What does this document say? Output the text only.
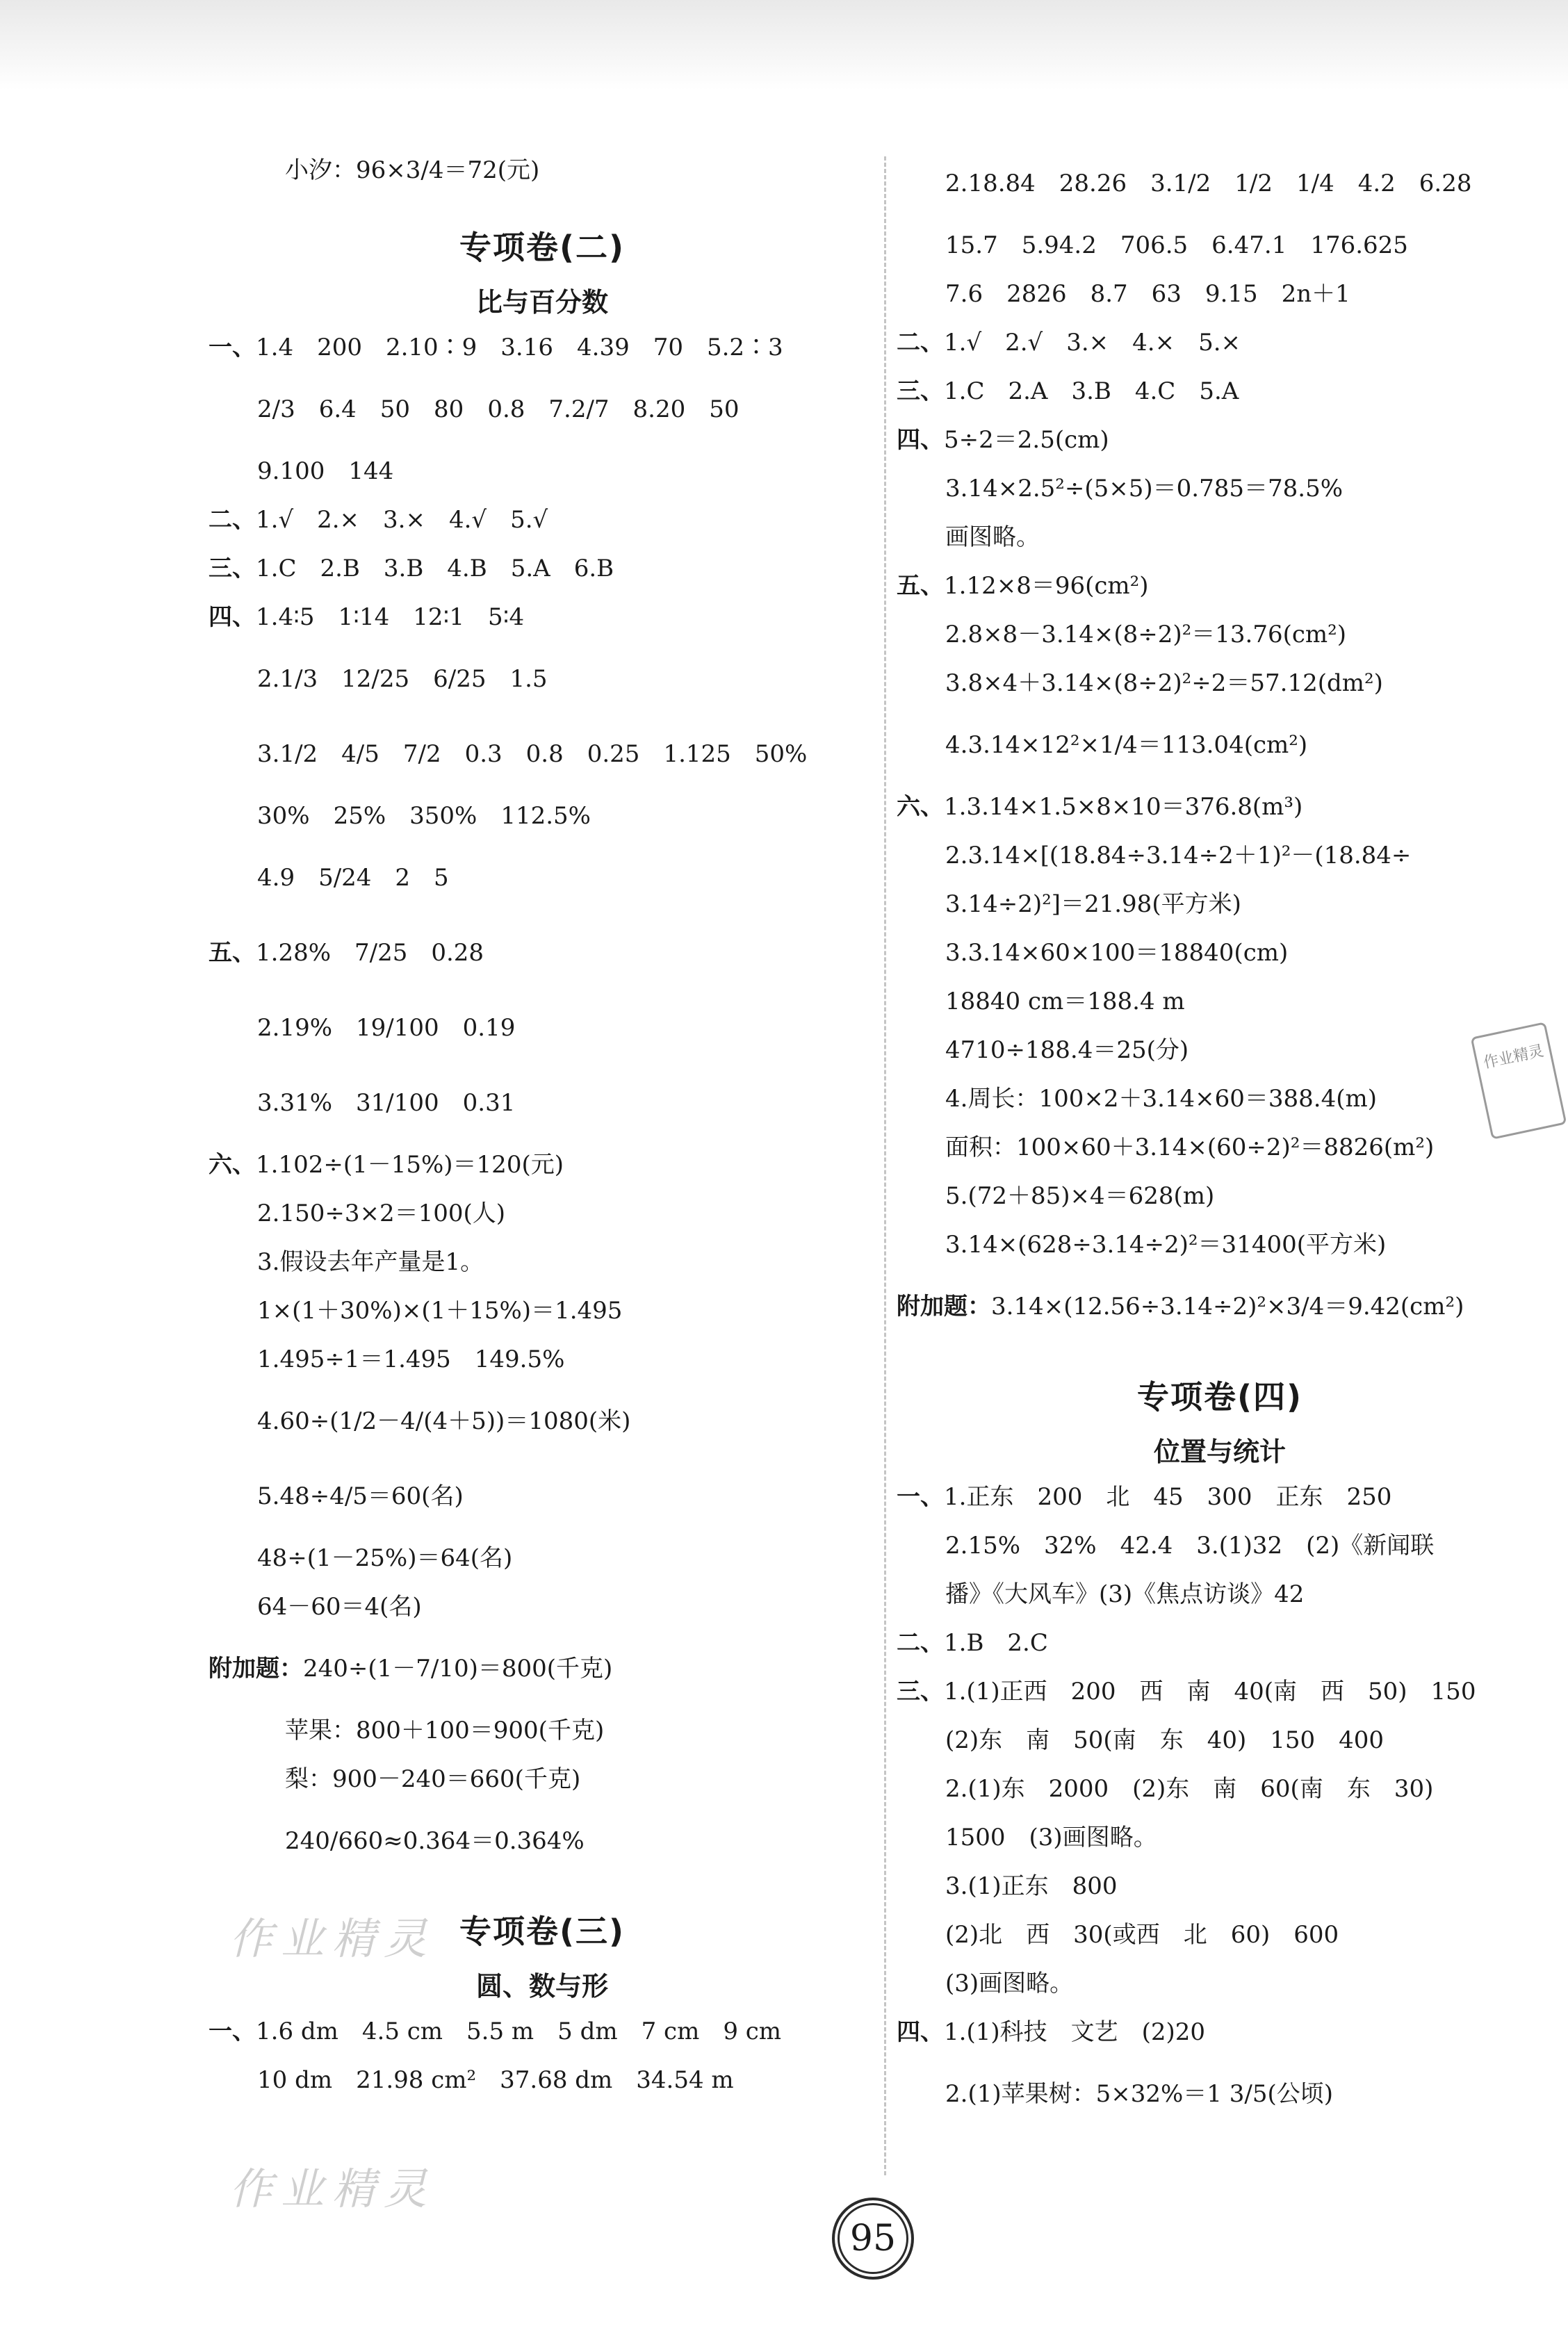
小汐：96×3/4＝72(元)
专项卷(二)
比与百分数
一、 1.4　200　2.10∶9　3.16　4.39　70　5.2∶3
2/3　6.4　50　80　0.8　7.2/7　8.20　50
9.100　144
二、 1.√　2.×　3.×　4.√　5.√
三、 1.C　2.B　3.B　4.B　5.A　6.B
四、 1.4∶5　1∶14　12∶1　5∶4
2.1/3　12/25　6/25　1.5
3.1/2　4/5　7/2　0.3　0.8　0.25　1.125　50%
30%　25%　350%　112.5%
4.9　5/24　2　5
五、 1.28%　7/25　0.28
2.19%　19/100　0.19
3.31%　31/100　0.31
六、 1.102÷(1－15%)＝120(元)
2.150÷3×2＝100(人)
3.假设去年产量是1。
1×(1＋30%)×(1＋15%)＝1.495
1.495÷1＝1.495　149.5%
4.60÷(1/2－4/(4＋5))＝1080(米)
5.48÷4/5＝60(名)
48÷(1－25%)＝64(名)
64－60＝4(名)
附加题： 240÷(1－7/10)＝800(千克)
苹果：800＋100＝900(千克)
梨：900－240＝660(千克)
240/660≈0.364＝0.364%
专项卷(三)
圆、数与形
一、 1.6 dm　4.5 cm　5.5 m　5 dm　7 cm　9 cm
10 dm　21.98 cm²　37.68 dm　34.54 m
2.18.84　28.26　3.1/2　1/2　1/4　4.2　6.28
15.7　5.94.2　706.5　6.47.1　176.625
7.6　2826　8.7　63　9.15　2n＋1
二、 1.√　2.√　3.×　4.×　5.×
三、 1.C　2.A　3.B　4.C　5.A
四、 5÷2＝2.5(cm)
3.14×2.5²÷(5×5)＝0.785＝78.5%
画图略。
五、 1.12×8＝96(cm²)
2.8×8－3.14×(8÷2)²＝13.76(cm²)
3.8×4＋3.14×(8÷2)²÷2＝57.12(dm²)
4.3.14×12²×1/4＝113.04(cm²)
六、 1.3.14×1.5×8×10＝376.8(m³)
2.3.14×[(18.84÷3.14÷2＋1)²－(18.84÷
3.14÷2)²]＝21.98(平方米)
3.3.14×60×100＝18840(cm)
18840 cm＝188.4 m
4710÷188.4＝25(分)
4.周长：100×2＋3.14×60＝388.4(m)
面积：100×60＋3.14×(60÷2)²＝8826(m²)
5.(72＋85)×4＝628(m)
3.14×(628÷3.14÷2)²＝31400(平方米)
附加题： 3.14×(12.56÷3.14÷2)²×3/4＝9.42(cm²)
专项卷(四)
位置与统计
一、 1.正东　200　北　45　300　正东　250
2.15%　32%　42.4　3.(1)32　(2)《新闻联
播》《大风车》(3)《焦点访谈》42
二、 1.B　2.C
三、 1.(1)正西　200　西　南　40(南　西　50)　150
(2)东　南　50(南　东　40)　150　400
2.(1)东　2000　(2)东　南　60(南　东　30)
1500　(3)画图略。
3.(1)正东　800
(2)北　西　30(或西　北　60)　600
(3)画图略。
四、 1.(1)科技　文艺　(2)20
2.(1)苹果树：5×32%＝1 3/5(公顷)
作业精灵
作业精灵
作业精灵
95
